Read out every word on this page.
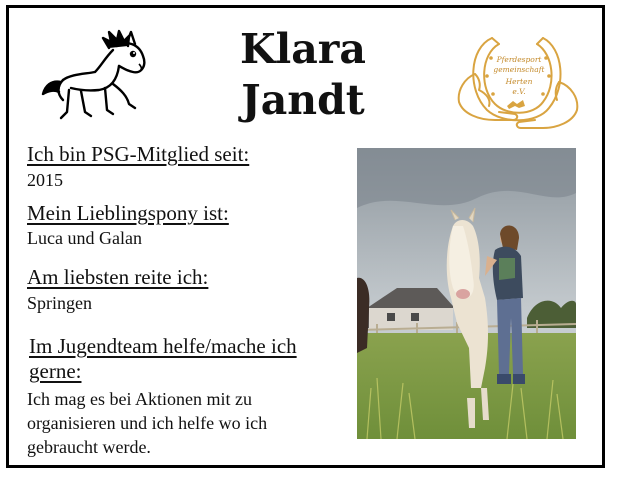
Klara
Jandt
Pferdesport
gemeinschaft
Herten
e.V.
Ich bin PSG-Mitglied seit:
2015
Mein Lieblingspony ist:
Luca und Galan
Am liebsten reite ich:
Springen
Im Jugendteam helfe/mache ich
gerne:
Ich mag es bei Aktionen mit zu
organisieren und ich helfe wo ich
gebraucht werde.
